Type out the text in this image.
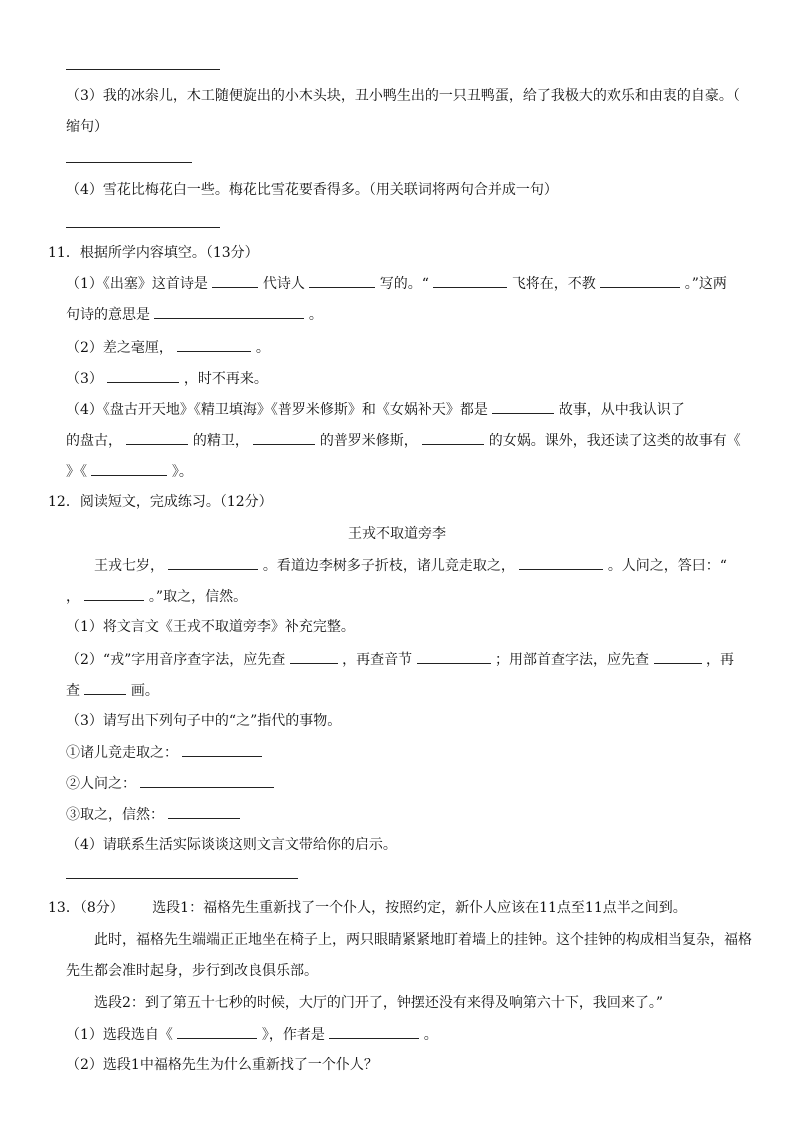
（3）我的冰尜儿，木工随便旋出的小木头块，丑小鸭生出的一只丑鸭蛋，给了我极大的欢乐和由衷的自豪。（
缩句）
（4）雪花比梅花白一些。梅花比雪花要香得多。（用关联词将两句合并成一句）
11．根据所学内容填空。（13分）
（1）《出塞》这首诗是	代诗人	写的。“	飞将在，不教	。”这两
句诗的意思是	。
（2）差之毫厘，	。
（3）	，时不再来。
（4）《盘古开天地》《精卫填海》《普罗米修斯》和《女娲补天》都是	故事，从中我认识了
的盘古，	的精卫，	的普罗米修斯，	的女娲。课外，我还读了这类的故事有《
》《	》。
12．阅读短文，完成练习。（12分）
王戎不取道旁李
王戎七岁，	。看道边李树多子折枝，诸儿竞走取之，	。人问之，答曰：“
，	。”取之，信然。
（1）将文言文《王戎不取道旁李》补充完整。
（2）“戎”字用音序查字法，应先查	，再查音节	；用部首查字法，应先查	，再
查	画。
（3）请写出下列句子中的“之”指代的事物。
①诸儿竞走取之：
②人问之：
③取之，信然：
（4）请联系生活实际谈谈这则文言文带给你的启示。
13．（8分） 选段1：福格先生重新找了一个仆人，按照约定，新仆人应该在11点至11点半之间到。
此时，福格先生端端正正地坐在椅子上，两只眼睛紧紧地盯着墙上的挂钟。这个挂钟的构成相当复杂，福格
先生都会准时起身，步行到改良俱乐部。
选段2：到了第五十七秒的时候，大厅的门开了，钟摆还没有来得及响第六十下，我回来了。”
（1）选段选自《	》，作者是	。
（2）选段1中福格先生为什么重新找了一个仆人？
